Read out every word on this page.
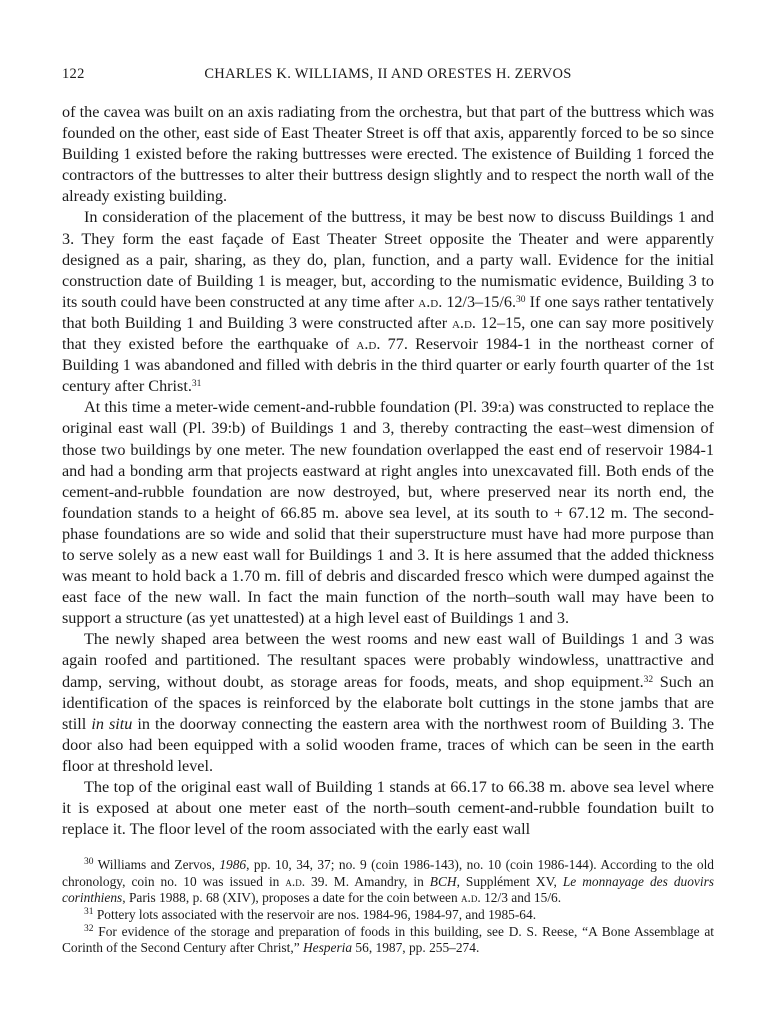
122	CHARLES K. WILLIAMS, II AND ORESTES H. ZERVOS

of the cavea was built on an axis radiating from the orchestra, but that part of the buttress which was founded on the other, east side of East Theater Street is off that axis, apparently forced to be so since Building 1 existed before the raking buttresses were erected. The existence of Building 1 forced the contractors of the buttresses to alter their buttress design slightly and to respect the north wall of the already existing building.

In consideration of the placement of the buttress, it may be best now to discuss Buildings 1 and 3. They form the east façade of East Theater Street opposite the Theater and were apparently designed as a pair, sharing, as they do, plan, function, and a party wall. Evidence for the initial construction date of Building 1 is meager, but, according to the numismatic evidence, Building 3 to its south could have been constructed at any time after a.d. 12/3–15/6.30 If one says rather tentatively that both Building 1 and Building 3 were constructed after a.d. 12–15, one can say more positively that they existed before the earthquake of a.d. 77. Reservoir 1984-1 in the northeast corner of Building 1 was abandoned and filled with debris in the third quarter or early fourth quarter of the 1st century after Christ.$^{31}$

At this time a meter-wide cement-and-rubble foundation (Pl. 39:a) was constructed to replace the original east wall (Pl. 39:b) of Buildings 1 and 3, thereby contracting the east–west dimension of those two buildings by one meter. The new foundation overlapped the east end of reservoir 1984-1 and had a bonding arm that projects eastward at right angles into unexcavated fill. Both ends of the cement-and-rubble foundation are now destroyed, but, where preserved near its north end, the foundation stands to a height of 66.85 m. above sea level, at its south to + 67.12 m. The second-phase foundations are so wide and solid that their superstructure must have had more purpose than to serve solely as a new east wall for Buildings 1 and 3. It is here assumed that the added thickness was meant to hold back a 1.70 m. fill of debris and discarded fresco which were dumped against the east face of the new wall. In fact the main function of the north–south wall may have been to support a structure (as yet unattested) at a high level east of Buildings 1 and 3.

The newly shaped area between the west rooms and new east wall of Buildings 1 and 3 was again roofed and partitioned. The resultant spaces were probably windowless, unattractive and damp, serving, without doubt, as storage areas for foods, meats, and shop equipment.$^{32}$ Such an identification of the spaces is reinforced by the elaborate bolt cuttings in the stone jambs that are still in situ in the doorway connecting the eastern area with the northwest room of Building 3. The door also had been equipped with a solid wooden frame, traces of which can be seen in the earth floor at threshold level.

The top of the original east wall of Building 1 stands at 66.17 to 66.38 m. above sea level where it is exposed at about one meter east of the north–south cement-and-rubble foundation built to replace it. The floor level of the room associated with the early east wall

$^{30}$ Williams and Zervos, 1986, pp. 10, 34, 37; no. 9 (coin 1986-143), no. 10 (coin 1986-144). According to the old chronology, coin no. 10 was issued in a.d. 39. M. Amandry, in BCH, Supplément XV, Le monnayage des duovirs corinthiens, Paris 1988, p. 68 (XIV), proposes a date for the coin between a.d. 12/3 and 15/6.

$^{31}$ Pottery lots associated with the reservoir are nos. 1984-96, 1984-97, and 1985-64.

$^{32}$ For evidence of the storage and preparation of foods in this building, see D. S. Reese, “A Bone Assemblage at Corinth of the Second Century after Christ,” Hesperia 56, 1987, pp. 255–274.
